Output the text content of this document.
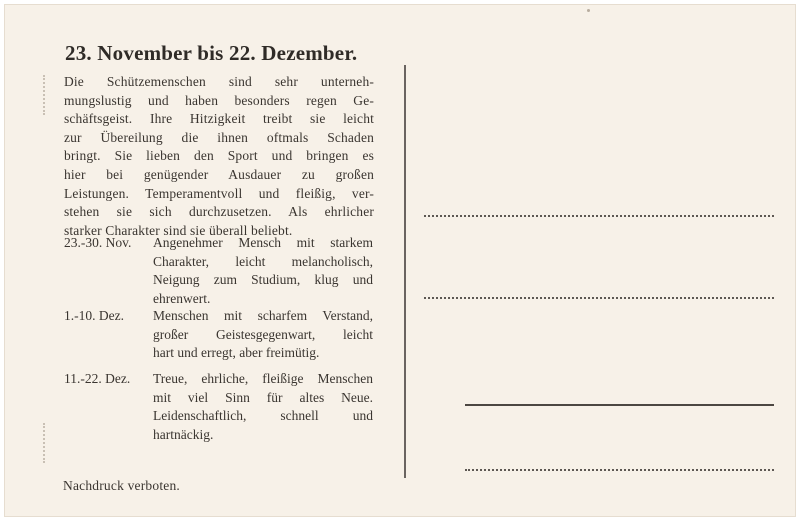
23. November bis 22. Dezember.
Die Schützemenschen sind sehr unterneh-
mungslustig und haben besonders regen Ge-
schäftsgeist. Ihre Hitzigkeit treibt sie leicht
zur Übereilung die ihnen oftmals Schaden
bringt. Sie lieben den Sport und bringen es
hier bei genügender Ausdauer zu großen
Leistungen. Temperamentvoll und fleißig, ver-
stehen sie sich durchzusetzen. Als ehrlicher
starker Charakter sind sie überall beliebt.
23.-30. Nov. Angenehmer Mensch mit starkem
Charakter, leicht melancholisch,
Neigung zum Studium, klug und
ehrenwert.
1.-10. Dez. Menschen mit scharfem Verstand,
großer Geistesgegenwart, leicht
hart und erregt, aber freimütig.
11.-22. Dez. Treue, ehrliche, fleißige Menschen
mit viel Sinn für altes Neue.
Leidenschaftlich, schnell und
hartnäckig.
Nachdruck verboten.
